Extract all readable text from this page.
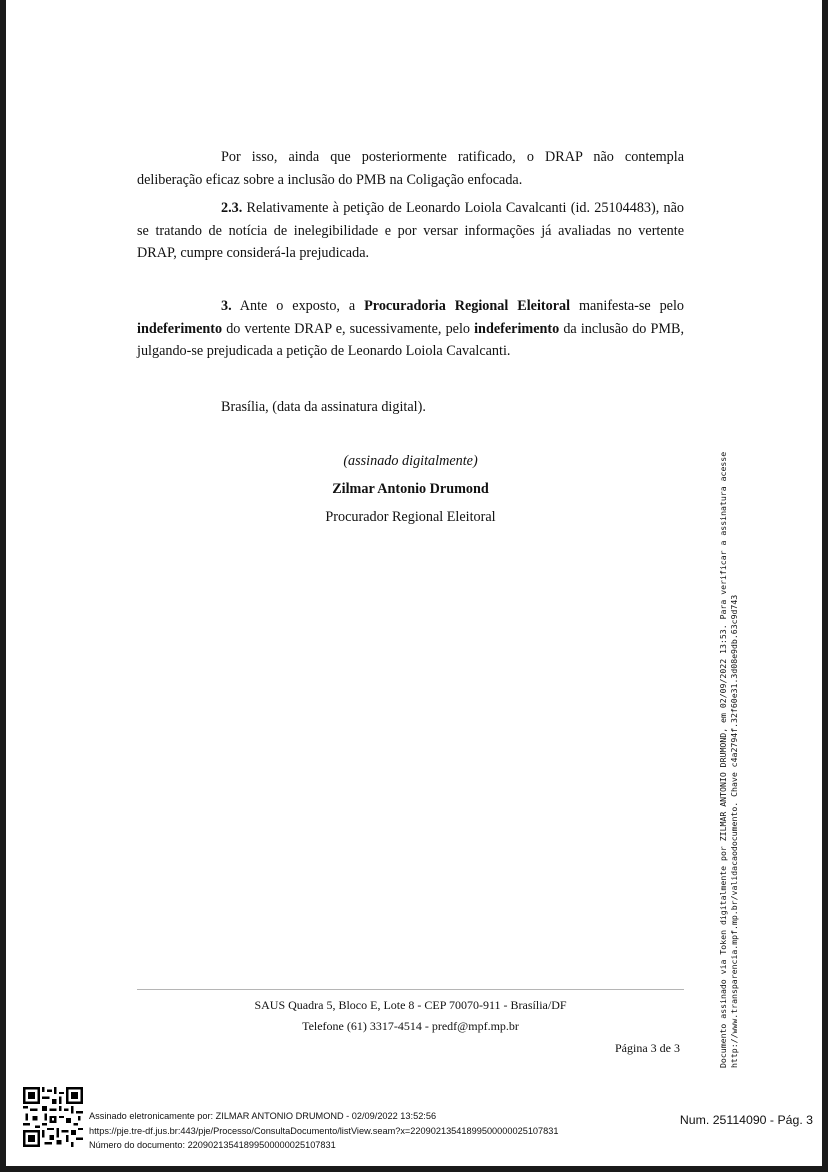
Por isso, ainda que posteriormente ratificado, o DRAP não contempla deliberação eficaz sobre a inclusão do PMB na Coligação enfocada.

2.3. Relativamente à petição de Leonardo Loiola Cavalcanti (id. 25104483), não se tratando de notícia de inelegibilidade e por versar informações já avaliadas no vertente DRAP, cumpre considerá-la prejudicada.

3. Ante o exposto, a Procuradoria Regional Eleitoral manifesta-se pelo indeferimento do vertente DRAP e, sucessivamente, pelo indeferimento da inclusão do PMB, julgando-se prejudicada a petição de Leonardo Loiola Cavalcanti.

Brasília, (data da assinatura digital).

(assinado digitalmente)

Zilmar Antonio Drumond

Procurador Regional Eleitoral

SAUS Quadra 5, Bloco E, Lote 8 - CEP 70070-911 - Brasília/DF
Telefone (61) 3317-4514 - predf@mpf.mp.br
Página 3 de 3	Documento assinado via Token digitalmente por ZILMAR ANTONIO DRUMOND, em 02/09/2022 13:53. Para verificar a assinatura acesse http://www.transparencia.mpf.mp.br/validacaodocumento. Chave c4a2794f.32f60e31.3d08e9db.63c9d743
Assinado eletronicamente por: ZILMAR ANTONIO DRUMOND - 02/09/2022 13:52:56
https://pje.tre-df.jus.br:443/pje/Processo/ConsultaDocumento/listView.seam?x=22090213541899500000025107831
Número do documento: 22090213541899500000025107831
Num. 25114090 - Pág. 3
